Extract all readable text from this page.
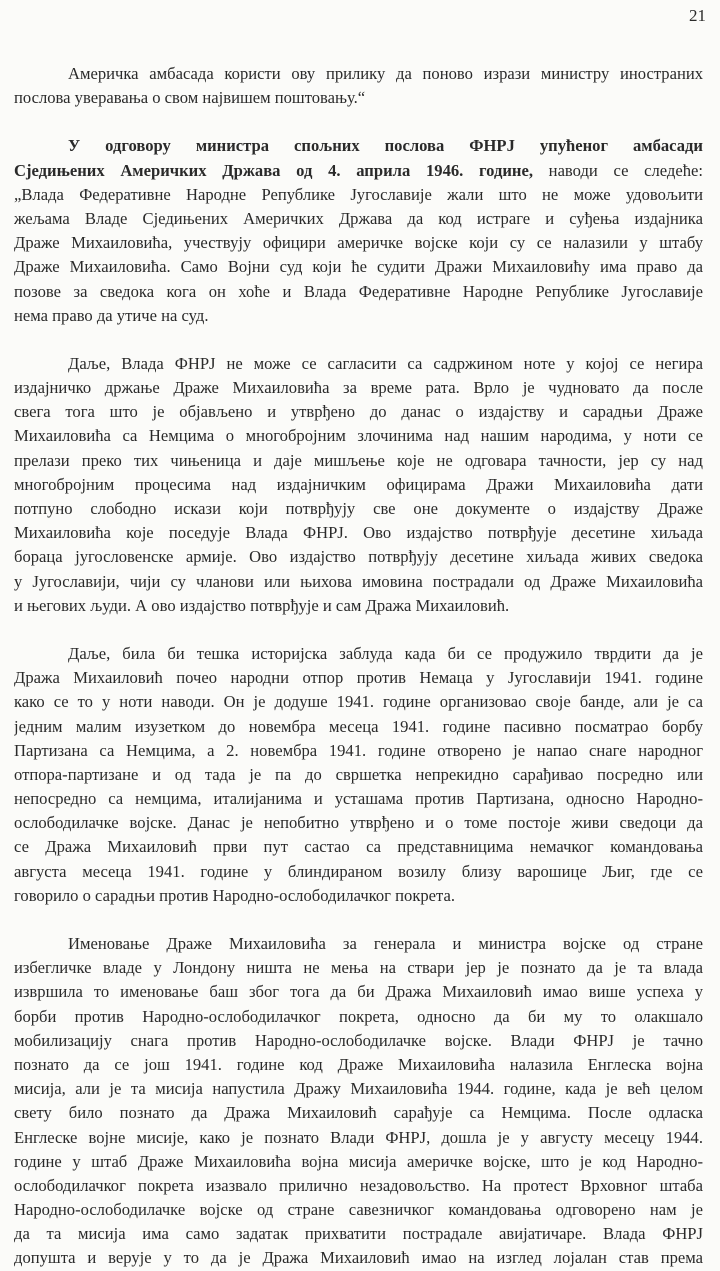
21
Америчка амбасада користи ову прилику да поново изрази министру иностраних
послова уверавања о свом највишем поштовању.“
У одговору министра спољних послова ФНРЈ упућеног амбасади
Сједињених Америчких Држава од 4. априла 1946. године, наводи се следеће:
„Влада Федеративне Народне Републике Југославије жали што не може удовољити
жељама Владе Сједињених Америчких Држава да код истраге и суђења издајника
Драже Михаиловића, учествују официри америчке војске који су се налазили у штабу
Драже Михаиловића. Само Војни суд који ће судити Дражи Михаиловићу има право да
позове за сведока кога он хоће и Влада Федеративне Народне Републике Југославије
нема право да утиче на суд.
Даље, Влада ФНРЈ не може се сагласити са садржином ноте у којој се негира
издајничко држање Драже Михаиловића за време рата. Врло је чудновато да после
свега тога што је објављено и утврђено до данас о издајству и сарадњи Драже
Михаиловића са Немцима о многобројним злочинима над нашим народима, у ноти се
прелази преко тих чињеница и даје мишљење које не одговара тачности, јер су над
многобројним процесима над издајничким официрама Дражи Михаиловића дати
потпуно слободно искази који потврђују све оне документе о издајству Драже
Михаиловића које поседује Влада ФНРЈ. Ово издајство потврђује десетине хиљада
бораца југословенске армије. Ово издајство потврђују десетине хиљада живих сведока
у Југославији, чији су чланови или њихова имовина пострадали од Драже Михаиловића
и његових људи. А ово издајство потврђује и сам Дража Михаиловић.
Даље, била би тешка историјска заблуда када би се продужило тврдити да је
Дража Михаиловић почео народни отпор против Немаца у Југославији 1941. године
како се то у ноти наводи. Он је додуше 1941. године организовао своје банде, али је са
једним малим изузетком до новембра месеца 1941. године пасивно посматрао борбу
Партизана са Немцима, а 2. новембра 1941. године отворено је напао снаге народног
отпора-партизане и од тада је па до свршетка непрекидно сарађивао посредно или
непосредно са немцима, италијанима и усташама против Партизана, односно Народно-
ослободилачке војске. Данас је непобитно утврђено и о томе постоје живи сведоци да
се Дража Михаиловић први пут састао са представницима немачког командовања
августа месеца 1941. године у блиндираном возилу близу варошице Љиг, где се
говорило о сарадњи против Народно-ослободилачког покрета.
Именовање Драже Михаиловића за генерала и министра војске од стране
избегличке владе у Лондону ништа не мења на ствари јер је познато да је та влада
извршила то именовање баш због тога да би Дража Михаиловић имао више успеха у
борби против Народно-ослободилачког покрета, односно да би му то олакшало
мобилизацију снага против Народно-ослободилачке војске. Влади ФНРЈ је тачно
познато да се још 1941. године код Драже Михаиловића налазила Енглеска војна
мисија, али је та мисија напустила Дражу Михаиловића 1944. године, када је већ целом
свету било познато да Дража Михаиловић сарађује са Немцима. После одласка
Енглеске војне мисије, како је познато Влади ФНРЈ, дошла је у августу месецу 1944.
године у штаб Драже Михаиловића војна мисија америчке војске, што је код Народно-
ослободилачког покрета изазвало прилично незадовољство. На протест Врховног штаба
Народно-ослободилачке војске од стране савезничког командовања одговорено нам је
да та мисија има само задатак прихватити пострадале авијатичаре. Влада ФНРЈ
допушта и верује у то да је Дража Михаиловић имао на изглед лојалан став према
